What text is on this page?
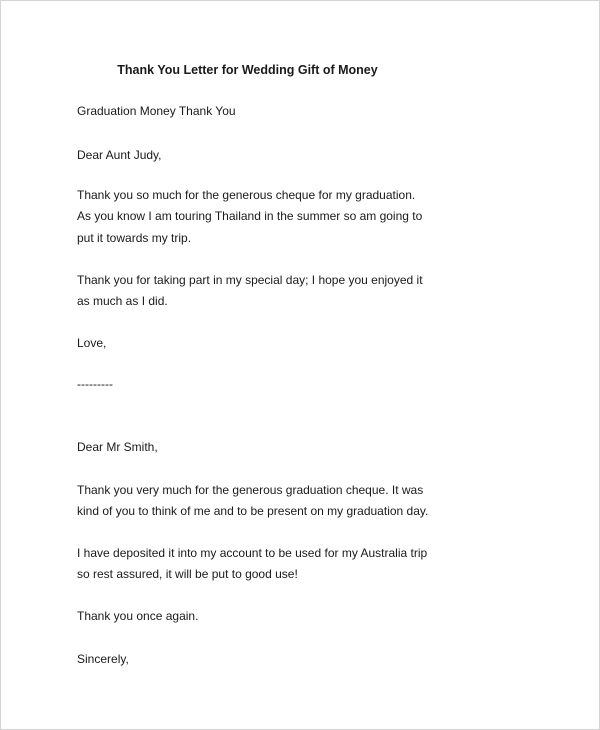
Thank You Letter for Wedding Gift of Money
Graduation Money Thank You
Dear Aunt Judy,
Thank you so much for the generous cheque for my graduation.
As you know I am touring Thailand in the summer so am going to
put it towards my trip.
Thank you for taking part in my special day; I hope you enjoyed it
as much as I did.
Love,
---------
Dear Mr Smith,
Thank you very much for the generous graduation cheque. It was
kind of you to think of me and to be present on my graduation day.
I have deposited it into my account to be used for my Australia trip
so rest assured, it will be put to good use!
Thank you once again.
Sincerely,
